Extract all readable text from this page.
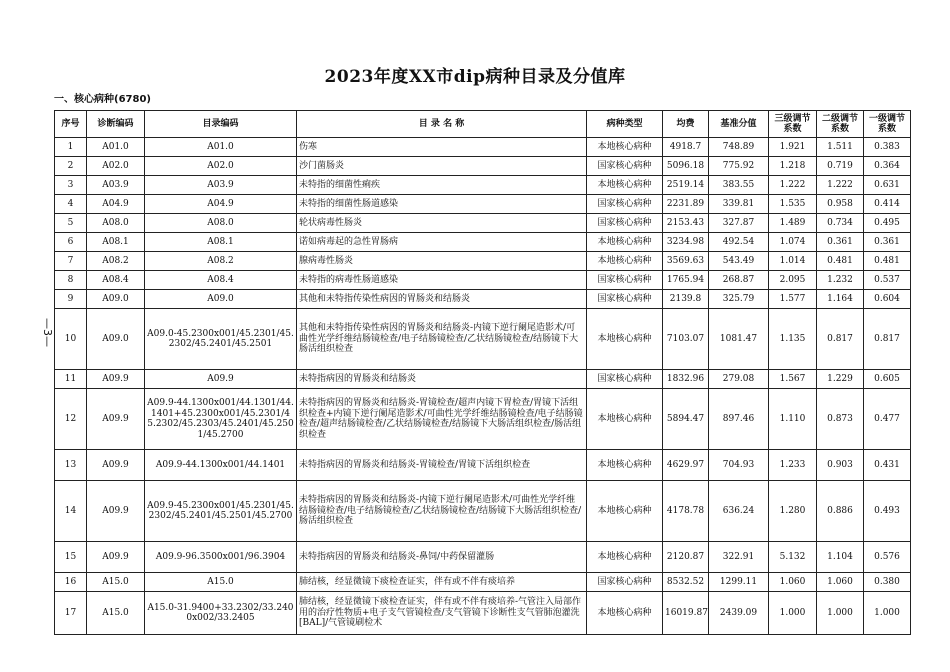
2023年度XX市dip病种目录及分值库
一、核心病种(6780)
—3—
序号	诊断编码	目录编码	目 录 名 称	病种类型	均费	基准分值	三级调节系数	二级调节系数	一级调节系数
1	A01.0	A01.0	伤寒	本地核心病种	4918.7	748.89	1.921	1.511	0.383
2	A02.0	A02.0	沙门菌肠炎	国家核心病种	5096.18	775.92	1.218	0.719	0.364
3	A03.9	A03.9	未特指的细菌性痢疾	本地核心病种	2519.14	383.55	1.222	1.222	0.631
4	A04.9	A04.9	未特指的细菌性肠道感染	国家核心病种	2231.89	339.81	1.535	0.958	0.414
5	A08.0	A08.0	轮状病毒性肠炎	国家核心病种	2153.43	327.87	1.489	0.734	0.495
6	A08.1	A08.1	诺如病毒起的急性胃肠病	本地核心病种	3234.98	492.54	1.074	0.361	0.361
7	A08.2	A08.2	腺病毒性肠炎	本地核心病种	3569.63	543.49	1.014	0.481	0.481
8	A08.4	A08.4	未特指的病毒性肠道感染	国家核心病种	1765.94	268.87	2.095	1.232	0.537
9	A09.0	A09.0	其他和未特指传染性病因的胃肠炎和结肠炎	国家核心病种	2139.8	325.79	1.577	1.164	0.604
10	A09.0	A09.0-45.2300x001/45.2301/45.2302/45.2401/45.2501	其他和未特指传染性病因的胃肠炎和结肠炎-内镜下逆行阑尾造影术/可曲性光学纤维结肠镜检查/电子结肠镜检查/乙状结肠镜检查/结肠镜下大肠活组织检查	本地核心病种	7103.07	1081.47	1.135	0.817	0.817
11	A09.9	A09.9	未特指病因的胃肠炎和结肠炎	国家核心病种	1832.96	279.08	1.567	1.229	0.605
12	A09.9	A09.9-44.1300x001/44.1301/44.1401+45.2300x001/45.2301/45.2302/45.2303/45.2401/45.2501/45.2700	未特指病因的胃肠炎和结肠炎-胃镜检查/超声内镜下胃检查/胃镜下活组织检查+内镜下逆行阑尾造影术/可曲性光学纤维结肠镜检查/电子结肠镜检查/超声结肠镜检查/乙状结肠镜检查/结肠镜下大肠活组织检查/肠活组织检查	本地核心病种	5894.47	897.46	1.110	0.873	0.477
13	A09.9	A09.9-44.1300x001/44.1401	未特指病因的胃肠炎和结肠炎-胃镜检查/胃镜下活组织检查	本地核心病种	4629.97	704.93	1.233	0.903	0.431
14	A09.9	A09.9-45.2300x001/45.2301/45.2302/45.2401/45.2501/45.2700	未特指病因的胃肠炎和结肠炎-内镜下逆行阑尾造影术/可曲性光学纤维结肠镜检查/电子结肠镜检查/乙状结肠镜检查/结肠镜下大肠活组织检查/肠活组织检查	本地核心病种	4178.78	636.24	1.280	0.886	0.493
15	A09.9	A09.9-96.3500x001/96.3904	未特指病因的胃肠炎和结肠炎-鼻饲/中药保留灌肠	本地核心病种	2120.87	322.91	5.132	1.104	0.576
16	A15.0	A15.0	肺结核，经显微镜下痰检查证实，伴有或不伴有痰培养	国家核心病种	8532.52	1299.11	1.060	1.060	0.380
17	A15.0	A15.0-31.9400+33.2302/33.2400x002/33.2405	肺结核，经显微镜下痰检查证实，伴有或不伴有痰培养-气管注入局部作用的治疗性物质+电子支气管镜检查/支气管镜下诊断性支气管肺泡灌洗[BAL]/气管镜刷检术	本地核心病种	16019.87	2439.09	1.000	1.000	1.000
